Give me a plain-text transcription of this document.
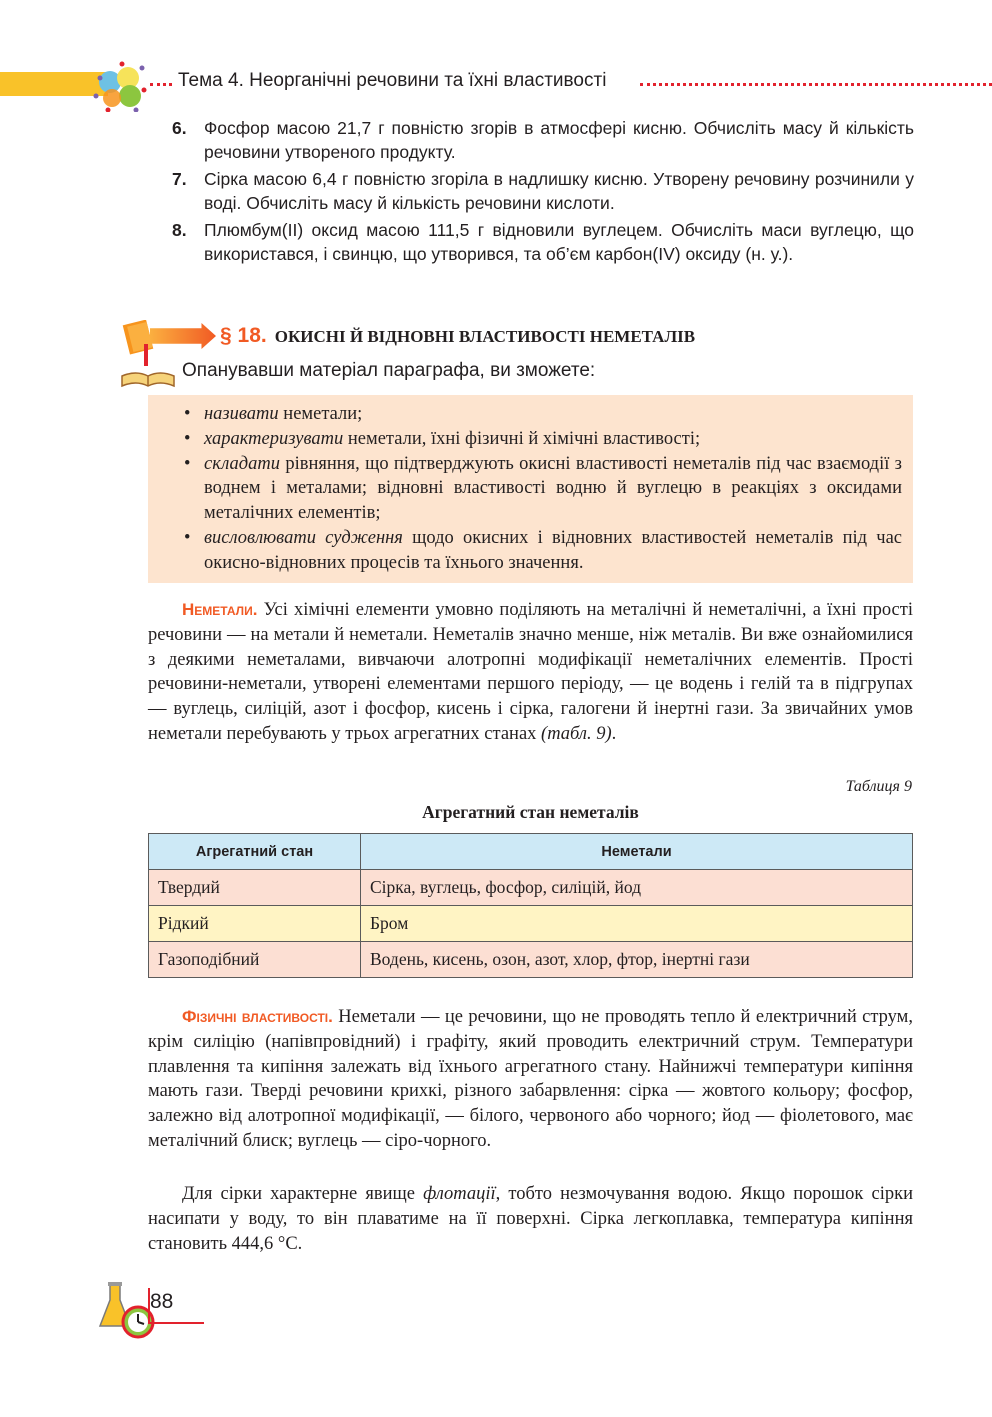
Тема 4. Неорганічні речовини та їхні властивості
6. Фосфор масою 21,7 г повністю згорів в атмосфері кисню. Обчисліть масу й кількість речовини утвореного продукту.
7. Сірка масою 6,4 г повністю згоріла в надлишку кисню. Утворену речовину розчинили у воді. Обчисліть масу й кількість речовини кислоти.
8. Плюмбум(II) оксид масою 111,5 г відновили вуглецем. Обчисліть маси вуглецю, що використався, і свинцю, що утворився, та об’єм карбон(IV) оксиду (н. у.).
§ 18. ОКИСНІ Й ВІДНОВНІ ВЛАСТИВОСТІ НЕМЕТАЛІВ
Опанувавши матеріал параграфа, ви зможете:
• називати неметали;
• характеризувати неметали, їхні фізичні й хімічні властивості;
• складати рівняння, що підтверджують окисні властивості неметалів під час взаємодії з воднем і металами; відновні властивості водню й вуглецю в реакціях з оксидами металічних елементів;
• висловлювати судження щодо окисних і відновних властивостей неметалів під час окисно-відновних процесів та їхнього значення.

Неметали. Усі хімічні елементи умовно поділяють на металічні й неметалічні, а їхні прості речовини — на метали й неметали. Неметалів значно менше, ніж металів. Ви вже ознайомилися з деякими неметалами, вивчаючи алотропні модифікації неметалічних елементів. Прості речовини-неметали, утворені елементами першого періоду, — це водень і гелій та в підгрупах — вуглець, силіцій, азот і фосфор, кисень і сірка, галогени й інертні гази. За звичайних умов неметали перебувають у трьох агрегатних станах (табл. 9).

Таблиця 9
Агрегатний стан неметалів
Агрегатний стан	Неметали
Твердий	Сірка, вуглець, фосфор, силіцій, йод
Рідкий	Бром
Газоподібний	Водень, кисень, озон, азот, хлор, фтор, інертні гази

Фізичні властивості. Неметали — це речовини, що не проводять тепло й електричний струм, крім силіцію (напівпровідний) і графіту, який проводить електричний струм. Температури плавлення та кипіння залежать від їхнього агрегатного стану. Найнижчі температури кипіння мають гази. Тверді речовини крихкі, різного забарвлення: сірка — жовтого кольору; фосфор, залежно від алотропної модифікації, — білого, червоного або чорного; йод — фіолетового, має металічний блиск; вуглець — сіро-чорного.

Для сірки характерне явище флотації, тобто незмочування водою. Якщо порошок сірки насипати у воду, то він плаватиме на її поверхні. Сірка легкоплавка, температура кипіння становить 444,6 °С.

88
